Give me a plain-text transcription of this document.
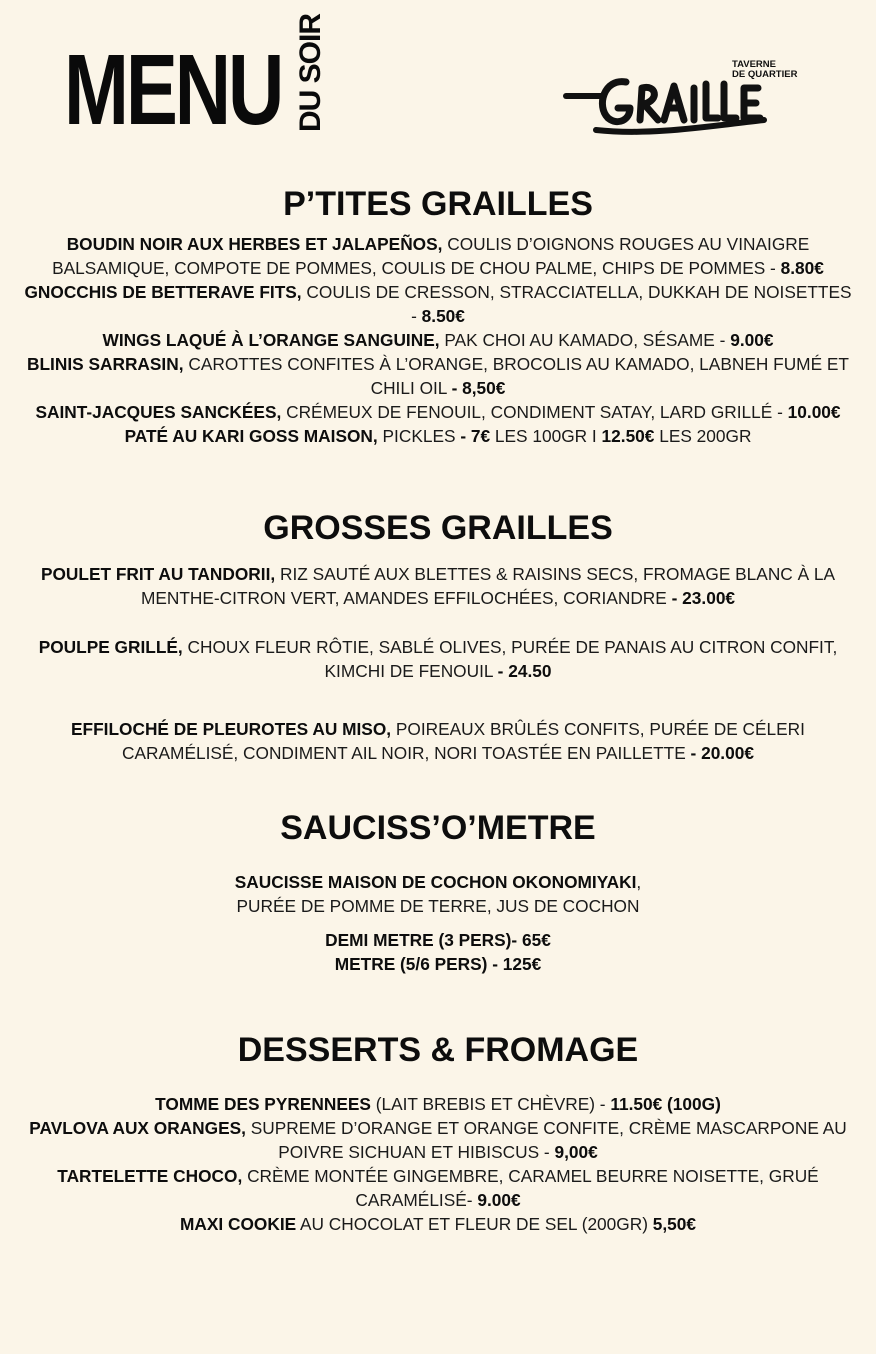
MENU DU SOIR	TAVERNE
DE QUARTIER
P’TITES GRAILLES

BOUDIN NOIR AUX HERBES ET JALAPEÑOS, COULIS D’OIGNONS ROUGES AU VINAIGRE BALSAMIQUE, COMPOTE DE POMMES, COULIS DE CHOU PALME, CHIPS DE POMMES - 8.80€

GNOCCHIS DE BETTERAVE FITS, COULIS DE CRESSON, STRACCIATELLA, DUKKAH DE NOISETTES - 8.50€

WINGS LAQUÉ À L’ORANGE SANGUINE, PAK CHOI AU KAMADO, SÉSAME - 9.00€

BLINIS SARRASIN, CAROTTES CONFITES À L’ORANGE, BROCOLIS AU KAMADO, LABNEH FUMÉ ET CHILI OIL - 8,50€

SAINT-JACQUES SANCKÉES, CRÉMEUX DE FENOUIL, CONDIMENT SATAY, LARD GRILLÉ - 10.00€

PATÉ AU KARI GOSS MAISON, PICKLES - 7€ LES 100GR I 12.50€ LES 200GR

GROSSES GRAILLES

POULET FRIT AU TANDORII, RIZ SAUTÉ AUX BLETTES & RAISINS SECS, FROMAGE BLANC À LA MENTHE-CITRON VERT, AMANDES EFFILOCHÉES, CORIANDRE - 23.00€

POULPE GRILLÉ, CHOUX FLEUR RÔTIE, SABLÉ OLIVES, PURÉE DE PANAIS AU CITRON CONFIT, KIMCHI DE FENOUIL - 24.50

EFFILOCHÉ DE PLEUROTES AU MISO, POIREAUX BRÛLÉS CONFITS, PURÉE DE CÉLERI CARAMÉLISÉ, CONDIMENT AIL NOIR, NORI TOASTÉE EN PAILLETTE - 20.00€

SAUCISS’O’METRE

SAUCISSE MAISON DE COCHON OKONOMIYAKI,

PURÉE DE POMME DE TERRE, JUS DE COCHON

DEMI METRE (3 PERS)- 65€

METRE (5/6 PERS) - 125€

DESSERTS & FROMAGE

TOMME DES PYRENNEES (LAIT BREBIS ET CHÈVRE) - 11.50€ (100G)

PAVLOVA AUX ORANGES, SUPREME D’ORANGE ET ORANGE CONFITE, CRÈME MASCARPONE AU POIVRE SICHUAN ET HIBISCUS - 9,00€

TARTELETTE CHOCO, CRÈME MONTÉE GINGEMBRE, CARAMEL BEURRE NOISETTE, GRUÉ CARAMÉLISÉ- 9.00€

MAXI COOKIE AU CHOCOLAT ET FLEUR DE SEL (200GR) 5,50€
